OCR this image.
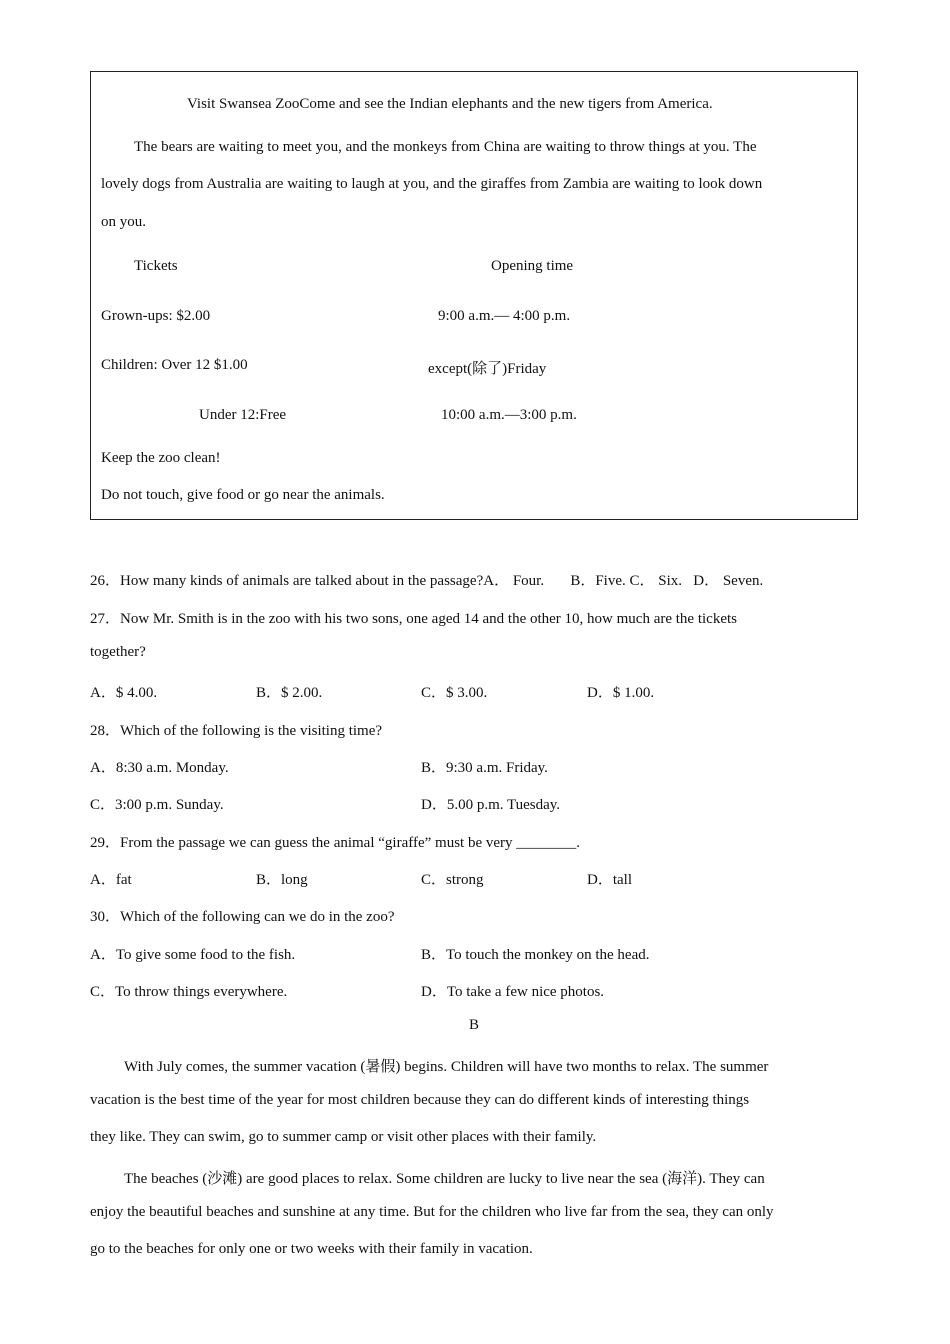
Visit Swansea ZooCome and see the Indian elephants and the new tigers from America.
The bears are waiting to meet you, and the monkeys from China are waiting to throw things at you. The
lovely dogs from Australia are waiting to laugh at you, and the giraffes from Zambia are waiting to look down
on you.
Tickets	Opening time
Grown-ups: $2.00	9:00 a.m.— 4:00 p.m.
Children: Over 12 $1.00	except(除了)Friday
Under 12:Free	10:00 a.m.—3:00 p.m.
Keep the zoo clean!
Do not touch, give food or go near the animals.
26．How many kinds of animals are talked about in the passage?A． Four.       B．Five. C． Six.   D． Seven.
27．Now Mr. Smith is in the zoo with his two sons, one aged 14 and the other 10, how much are the tickets
together?
A．$ 4.00.	B．$ 2.00.	C．$ 3.00.	D．$ 1.00.
28．Which of the following is the visiting time?
A．8:30 a.m. Monday.	B．9:30 a.m. Friday.
C．3:00 p.m. Sunday.	D．5.00 p.m. Tuesday.
29．From the passage we can guess the animal “giraffe” must be very ________.
A．fat	B．long	C．strong	D．tall
30．Which of the following can we do in the zoo?
A．To give some food to the fish.	B．To touch the monkey on the head.
C．To throw things everywhere.	D．To take a few nice photos.
B
With July comes, the summer vacation (暑假) begins. Children will have two months to relax. The summer
vacation is the best time of the year for most children because they can do different kinds of interesting things
they like. They can swim, go to summer camp or visit other places with their family.
The beaches (沙滩) are good places to relax. Some children are lucky to live near the sea (海洋). They can
enjoy the beautiful beaches and sunshine at any time. But for the children who live far from the sea, they can only
go to the beaches for only one or two weeks with their family in vacation.
